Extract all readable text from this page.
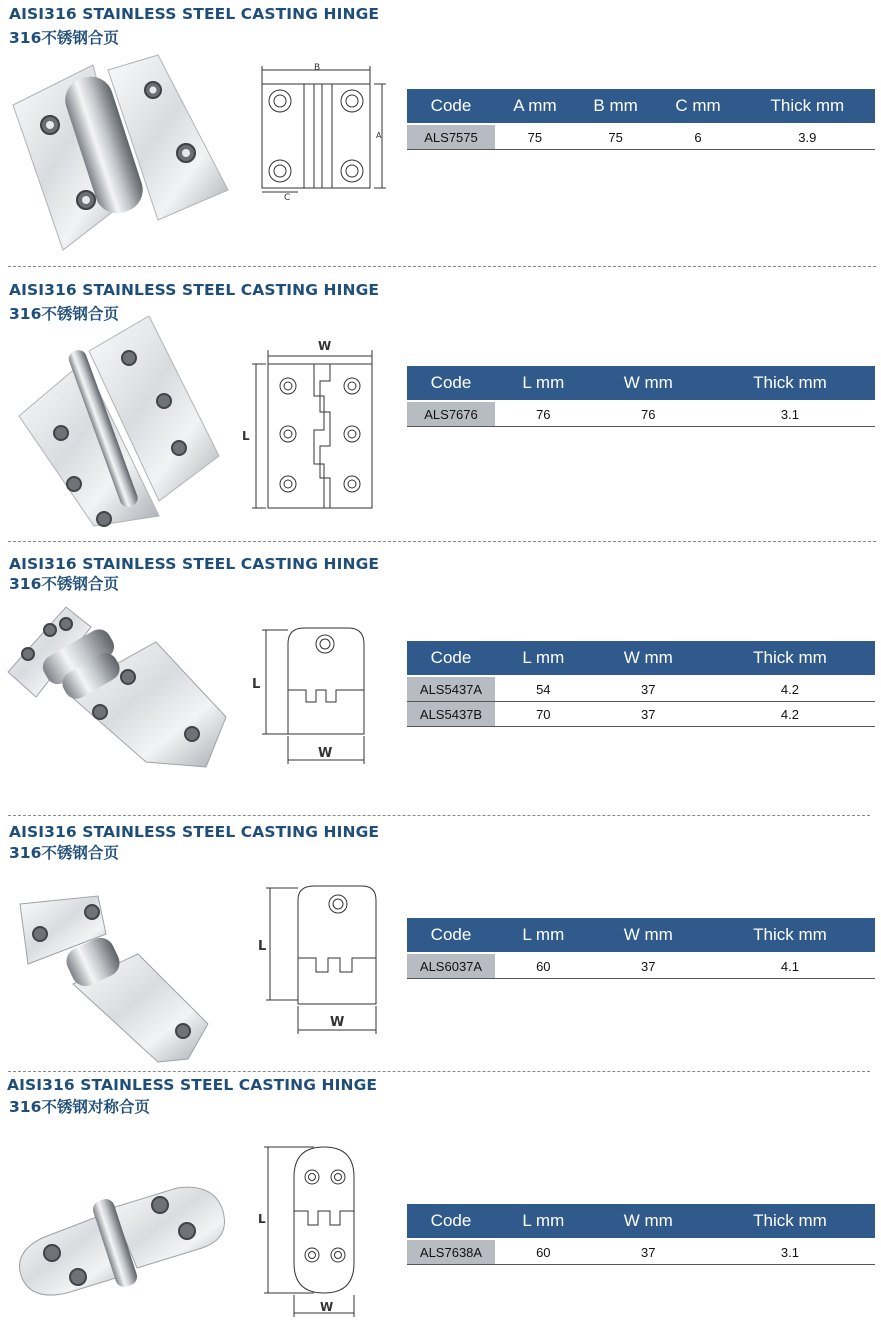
AISI316 STAINLESS STEEL CASTING HINGE
316不锈钢合页
B
A
C
Code	A mm	B mm	C mm	Thick mm
ALS7575	75	75	6	3.9
AISI316 STAINLESS STEEL CASTING HINGE
316不锈钢合页
W
L
Code	L mm	W mm	Thick mm
ALS7676	76	76	3.1
AISI316 STAINLESS STEEL CASTING HINGE
316不锈钢合页
L
W
Code	L mm	W mm	Thick mm
ALS5437A	54	37	4.2
ALS5437B	70	37	4.2
AISI316 STAINLESS STEEL CASTING HINGE
316不锈钢合页
L
W
Code	L mm	W mm	Thick mm
ALS6037A	60	37	4.1
AISI316 STAINLESS STEEL CASTING HINGE
316不锈钢对称合页
L
W
Code	L mm	W mm	Thick mm
ALS7638A	60	37	3.1
